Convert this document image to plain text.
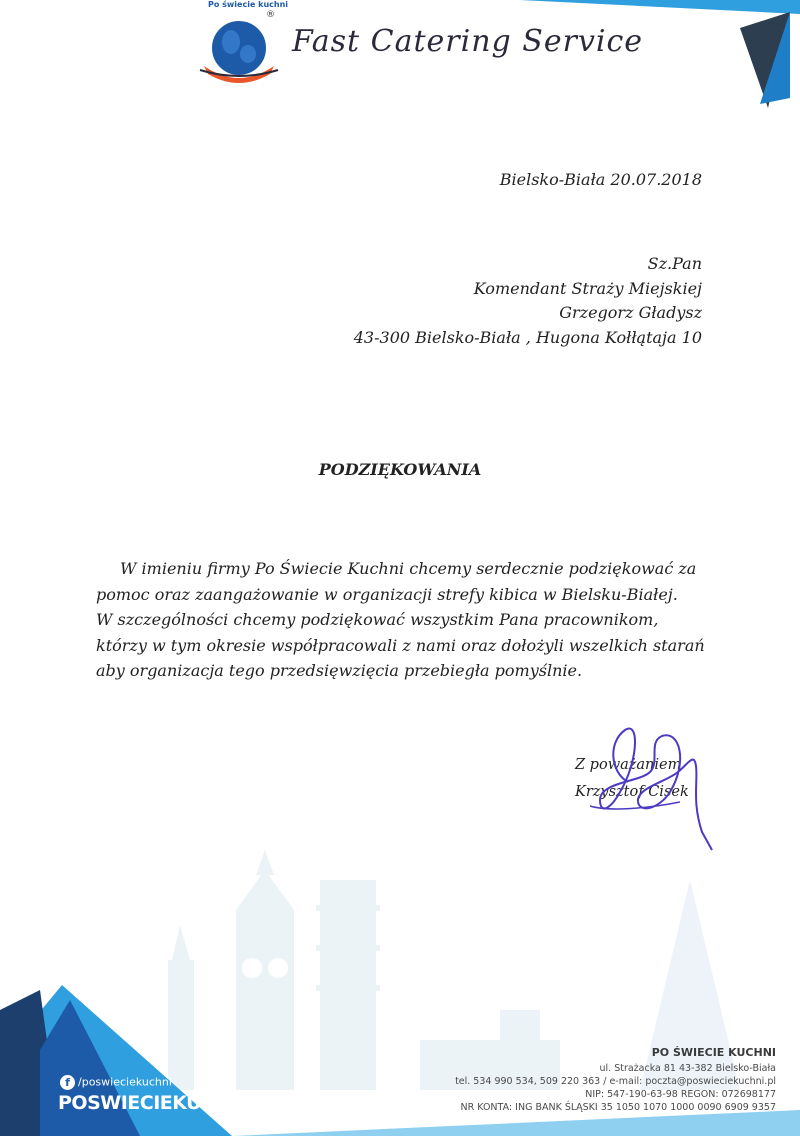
®
Po świecie kuchni
Fast Catering Service
Bielsko-Biała 20.07.2018
Sz.Pan
Komendant Straży Miejskiej
Grzegorz Gładysz
43-300 Bielsko-Biała , Hugona Kołłątaja 10
PODZIĘKOWANIA

W imieniu firmy Po Świecie Kuchni chcemy serdecznie podziękować za pomoc oraz zaangażowanie w organizacji strefy kibica w Bielsku-Białej.

W szczególności chcemy podziękować wszystkim Pana pracownikom, którzy w tym okresie współpracowali z nami oraz dołożyli wszelkich starań aby organizacja tego przedsięwzięcia przebiegła pomyślnie.

Z poważaniem
Krzysztof Cisek
f /poswieciekuchni
POSWIECIEKUCHNI.PL
PO ŚWIECIE KUCHNI
ul. Strażacka 81 43-382 Bielsko-Biała
tel. 534 990 534, 509 220 363 / e-mail: poczta@poswieciekuchni.pl
NIP: 547-190-63-98 REGON: 072698177
NR KONTA: ING BANK ŚLĄSKI 35 1050 1070 1000 0090 6909 9357
